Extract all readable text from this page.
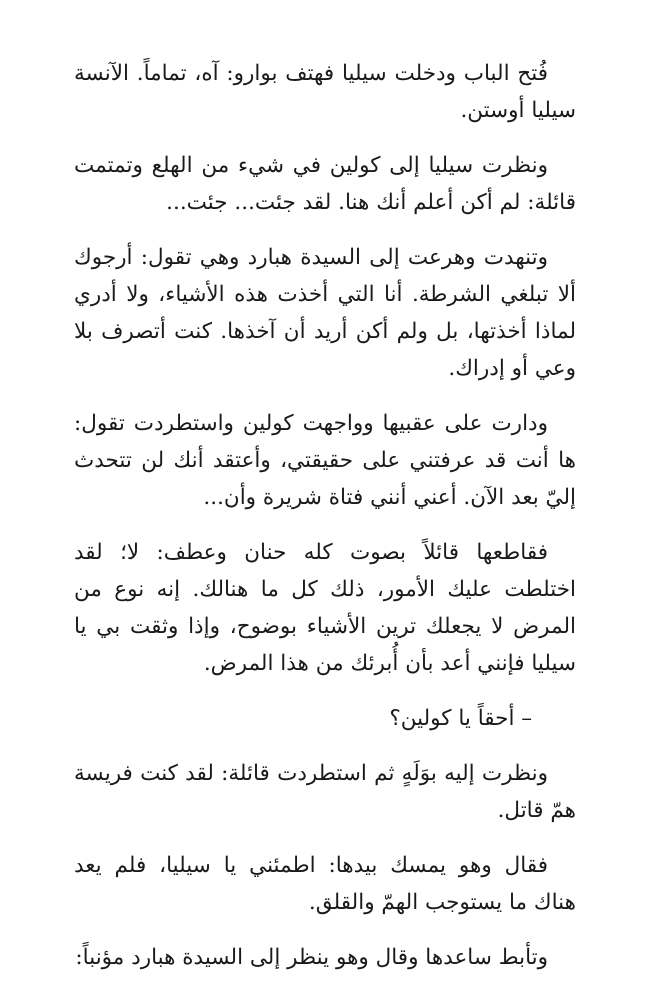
فُتح الباب ودخلت سيليا فهتف بوارو: آه، تماماً. الآنسة سيليا أوستن.

ونظرت سيليا إلى كولين في شيء من الهلع وتمتمت قائلة: لم أكن أعلم أنك هنا. لقد جئت... جئت...

وتنهدت وهرعت إلى السيدة هبارد وهي تقول: أرجوك ألا تبلغي الشرطة. أنا التي أخذت هذه الأشياء، ولا أدري لماذا أخذتها، بل ولم أكن أريد أن آخذها. كنت أتصرف بلا وعي أو إدراك.

ودارت على عقبيها وواجهت كولين واستطردت تقول: ها أنت قد عرفتني على حقيقتي، وأعتقد أنك لن تتحدث إليّ بعد الآن. أعني أنني فتاة شريرة وأن...

فقاطعها قائلاً بصوت كله حنان وعطف: لا؛ لقد اختلطت عليك الأمور، ذلك كل ما هنالك. إنه نوع من المرض لا يجعلك ترين الأشياء بوضوح، وإذا وثقت بي يا سيليا فإنني أعد بأن أُبرئك من هذا المرض.

– أحقاً يا كولين؟

ونظرت إليه بوَلَهٍ ثم استطردت قائلة: لقد كنت فريسة همّ قاتل.

فقال وهو يمسك بيدها: اطمئني يا سيليا، فلم يعد هناك ما يستوجب الهمّ والقلق.

وتأبط ساعدها وقال وهو ينظر إلى السيدة هبارد مؤنباً:
